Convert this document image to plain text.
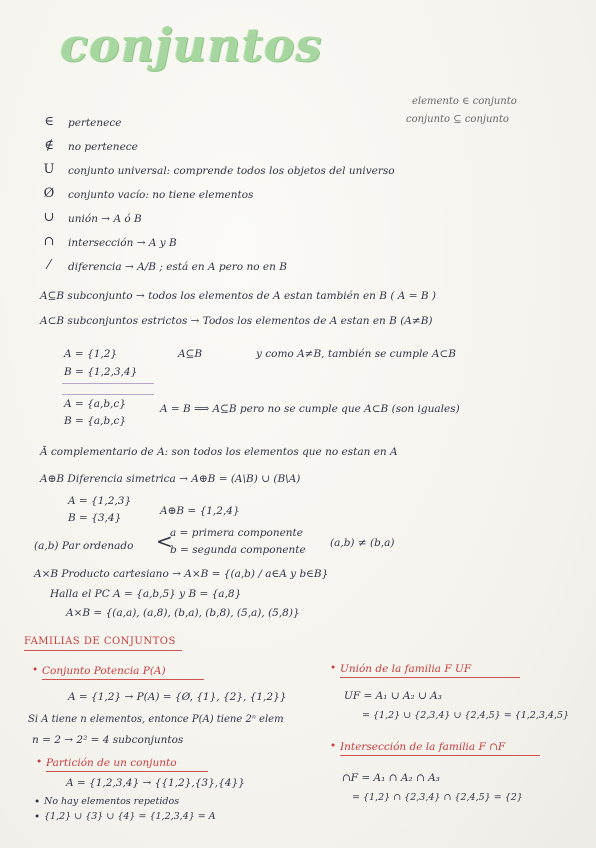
conjuntos
elemento ∈ conjunto
conjunto ⊆ conjunto
∈	pertenece
∉	no pertenece
U	conjunto universal: comprende todos los objetos del universo
Ø	conjunto vacío: no tiene elementos
∪	unión → A ó B
∩	intersección → A y B
⁄	diferencia → A/B ; está en A pero no en B
A⊆B subconjunto → todos los elementos de A estan también en B ( A = B )
A⊂B subconjuntos estrictos → Todos los elementos de A estan en B (A≠B)
A = {1,2}
B = {1,2,3,4}
A⊆B	y como A≠B, también se cumple A⊂B
A = {a,b,c}
B = {a,b,c}
A = B ⟹ A⊆B pero no se cumple que A⊂B (son iguales)
Ā complementario de A: son todos los elementos que no estan en A
A⊕B Diferencia simetrica → A⊕B = (A\B) ∪ (B\A)
A = {1,2,3}
B = {3,4}
A⊕B = {1,2,4}
(a,b) Par ordenado <
a = primera componente
b = segunda componente
(a,b) ≠ (b,a)
A×B Producto cartesiano → A×B = {(a,b) / a∈A y b∈B}
Halla el PC A = {a,b,5} y B = {a,8}
A×B = {(a,a), (a,8), (b,a), (b,8), (5,a), (5,8)}
FAMILIAS DE CONJUNTOS
• Conjunto Potencia P(A)
A = {1,2} → P(A) = {Ø, {1}, {2}, {1,2}}
Si A tiene n elementos, entonce P(A) tiene 2ⁿ elem
n = 2 → 2² = 4 subconjuntos
• Partición de un conjunto
A = {1,2,3,4} → {{1,2},{3},{4}}
• No hay elementos repetidos
• {1,2} ∪ {3} ∪ {4} = {1,2,3,4} = A
• Unión de la familia F UF
UF = A₁ ∪ A₂ ∪ A₃
= {1,2} ∪ {2,3,4} ∪ {2,4,5} = {1,2,3,4,5}
• Intersección de la familia F ∩F
∩F = A₁ ∩ A₂ ∩ A₃
= {1,2} ∩ {2,3,4} ∩ {2,4,5} = {2}
